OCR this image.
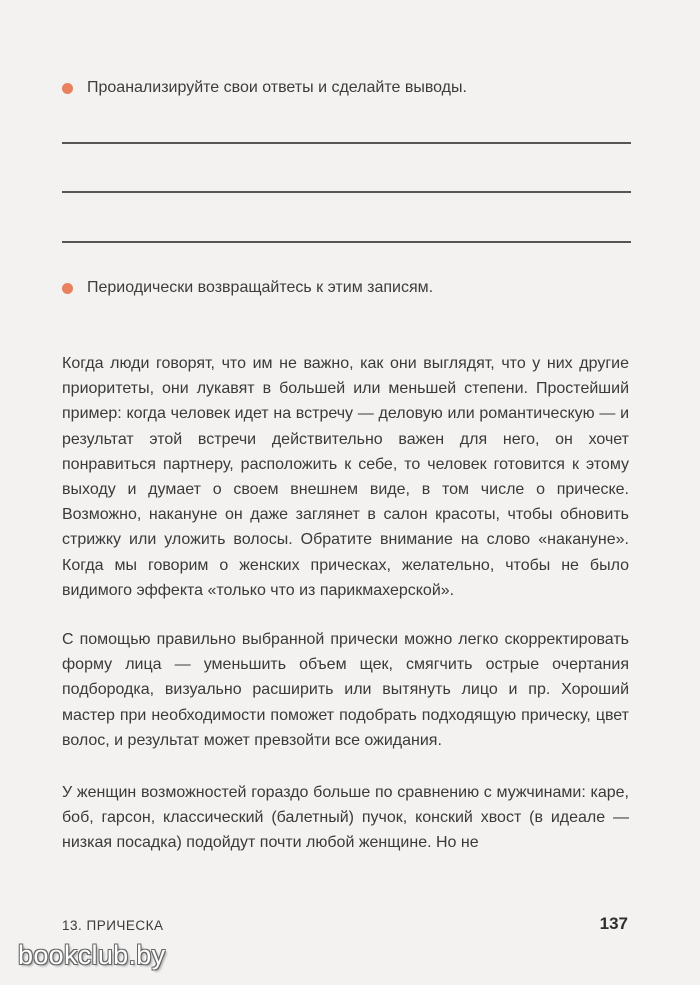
Проанализируйте свои ответы и сделайте выводы.
Периодически возвращайтесь к этим записям.

Когда люди говорят, что им не важно, как они выглядят, что у них другие приоритеты, они лукавят в большей или меньшей степени. Простейший пример: когда человек идет на встречу — деловую или романтическую — и результат этой встречи действительно важен для него, он хочет понравиться партнеру, расположить к себе, то человек готовится к этому выходу и думает о своем внешнем виде, в том числе о прическе. Возможно, накануне он даже заглянет в салон красоты, чтобы обновить стрижку или уложить волосы. Обратите внимание на слово «накануне». Когда мы говорим о женских прическах, желательно, чтобы не было видимого эффекта «только что из парикмахерской».

С помощью правильно выбранной прически можно легко скорректировать форму лица — уменьшить объем щек, смягчить острые очертания подбородка, визуально расширить или вытянуть лицо и пр. Хороший мастер при необходимости поможет подобрать подходящую прическу, цвет волос, и результат может превзойти все ожидания.

У женщин возможностей гораздо больше по сравнению с мужчинами: каре, боб, гарсон, классический (балетный) пучок, конский хвост (в идеале — низкая посадка) подойдут почти любой женщине. Но не

13. ПРИЧЕСКА	137
bookclub.by
